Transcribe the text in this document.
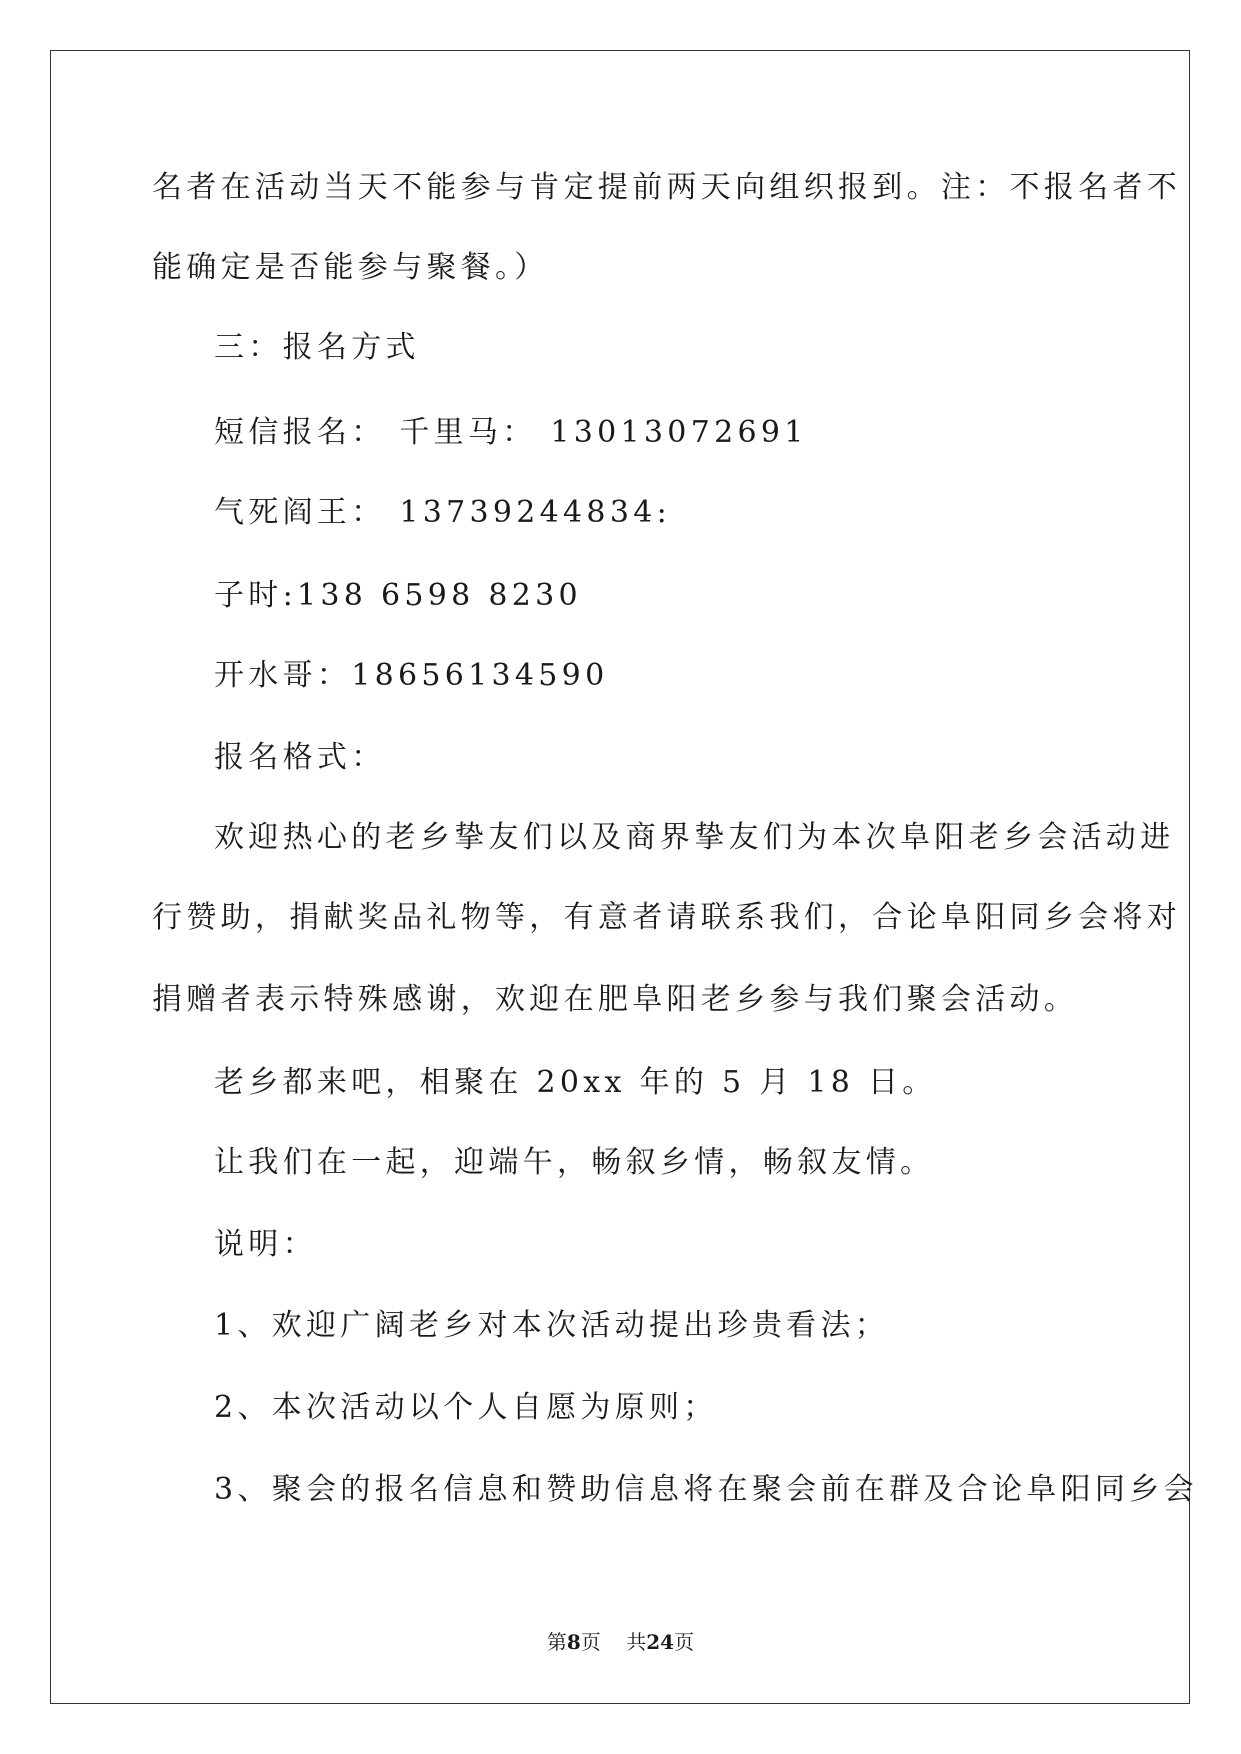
名者在活动当天不能参与肯定提前两天向组织报到。注：不报名者不
能确定是否能参与聚餐。）
三：报名方式
短信报名： 千里马： 13013072691
气死阎王： 13739244834:
子时:138 6598 8230
开水哥：18656134590
报名格式：
欢迎热心的老乡挚友们以及商界挚友们为本次阜阳老乡会活动进
行赞助，捐献奖品礼物等，有意者请联系我们，合论阜阳同乡会将对
捐赠者表示特殊感谢，欢迎在肥阜阳老乡参与我们聚会活动。
老乡都来吧，相聚在 20xx 年的 5 月 18 日。
让我们在一起，迎端午，畅叙乡情，畅叙友情。
说明：
1、欢迎广阔老乡对本次活动提出珍贵看法；
2、本次活动以个人自愿为原则；
3、聚会的报名信息和赞助信息将在聚会前在群及合论阜阳同乡会
第8页 共24页
